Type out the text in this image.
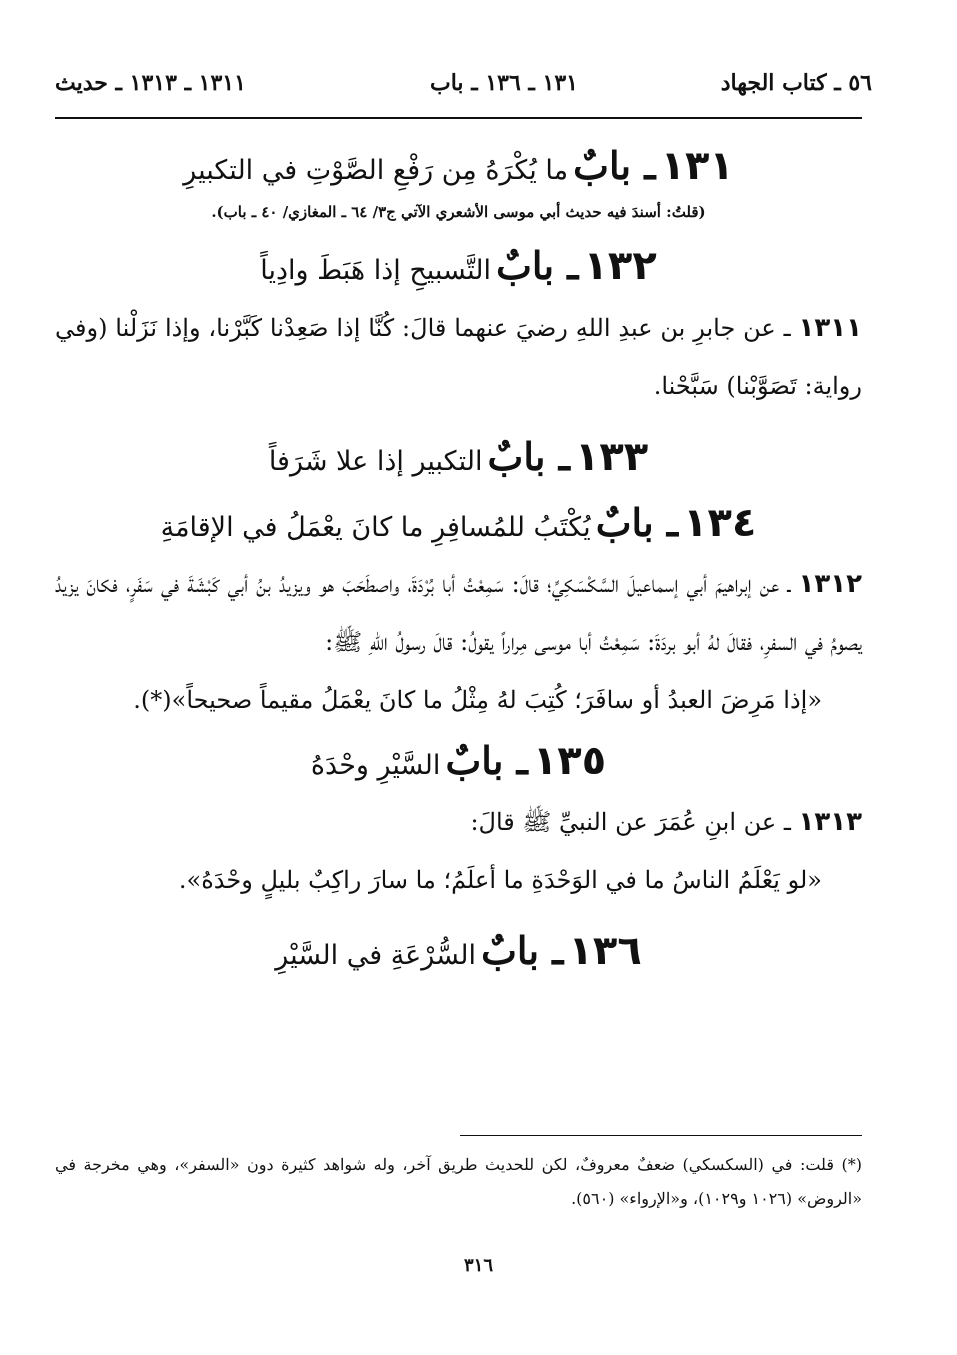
٥٦ ـ كتاب الجهاد
١٣١ ـ ١٣٦ ـ باب
١٣١١ ـ ١٣١٣ ـ حديث
١٣١ ـ بابٌ ما يُكْرَهُ مِن رَفْعِ الصَّوْتِ في التكبيرِ
(قلتُ: أسندَ فيه حديث أبي موسى الأشعري الآتي ج٣/ ٦٤ ـ المغازي/ ٤٠ ـ باب).
١٣٢ ـ بابٌ التَّسبيحِ إذا هَبَطَ وادِياً
١٣١١ ـ عن جابرِ بن عبدِ اللهِ رضيَ عنهما قالَ: كُنَّا إذا صَعِدْنا كَبَّرْنا، وإذا نَزَلْنا (وفي رواية: تَصَوَّبْنا) سَبَّحْنا.
١٣٣ ـ بابٌ التكبير إذا علا شَرَفاً
١٣٤ ـ بابٌ يُكْتَبُ للمُسافِرِ ما كانَ يعْمَلُ في الإقامَةِ
١٣١٢ ـ عن إبراهيمَ أبي إسماعيلَ السَّكْسَكِيِّ؛ قالَ: سَمِعْتُ أبا بُرْدَةَ، واصطَحَبَ هو ويزيدُ بنُ أبي كَبْشَةَ في سَفَرٍ، فكانَ يزيدُ يصومُ في السفرِ، فقالَ لهُ أبو بردَةَ: سَمِعْتُ أبا موسى مِراراً يقولُ: قالَ رسولُ اللهِ ﷺ:
«إذا مَرِضَ العبدُ أو سافَرَ؛ كُتِبَ لهُ مِثْلُ ما كانَ يعْمَلُ مقيماً صحيحاً»(*).
١٣٥ ـ بابٌ السَّيْرِ وحْدَهُ
١٣١٣ ـ عن ابنِ عُمَرَ عن النبيِّ ﷺ قالَ:
«لو يَعْلَمُ الناسُ ما في الوَحْدَةِ ما أعلَمُ؛ ما سارَ راكِبٌ بليلٍ وحْدَهُ».
١٣٦ ـ بابٌ السُّرْعَةِ في السَّيْرِ
(*) قلت: في (السكسكي) ضعفٌ معروفٌ، لكن للحديث طريق آخر، وله شواهد كثيرة دون «السفر»، وهي مخرجة في «الروض» (١٠٢٦ و١٠٢٩)، و«الإرواء» (٥٦٠).
٣١٦
